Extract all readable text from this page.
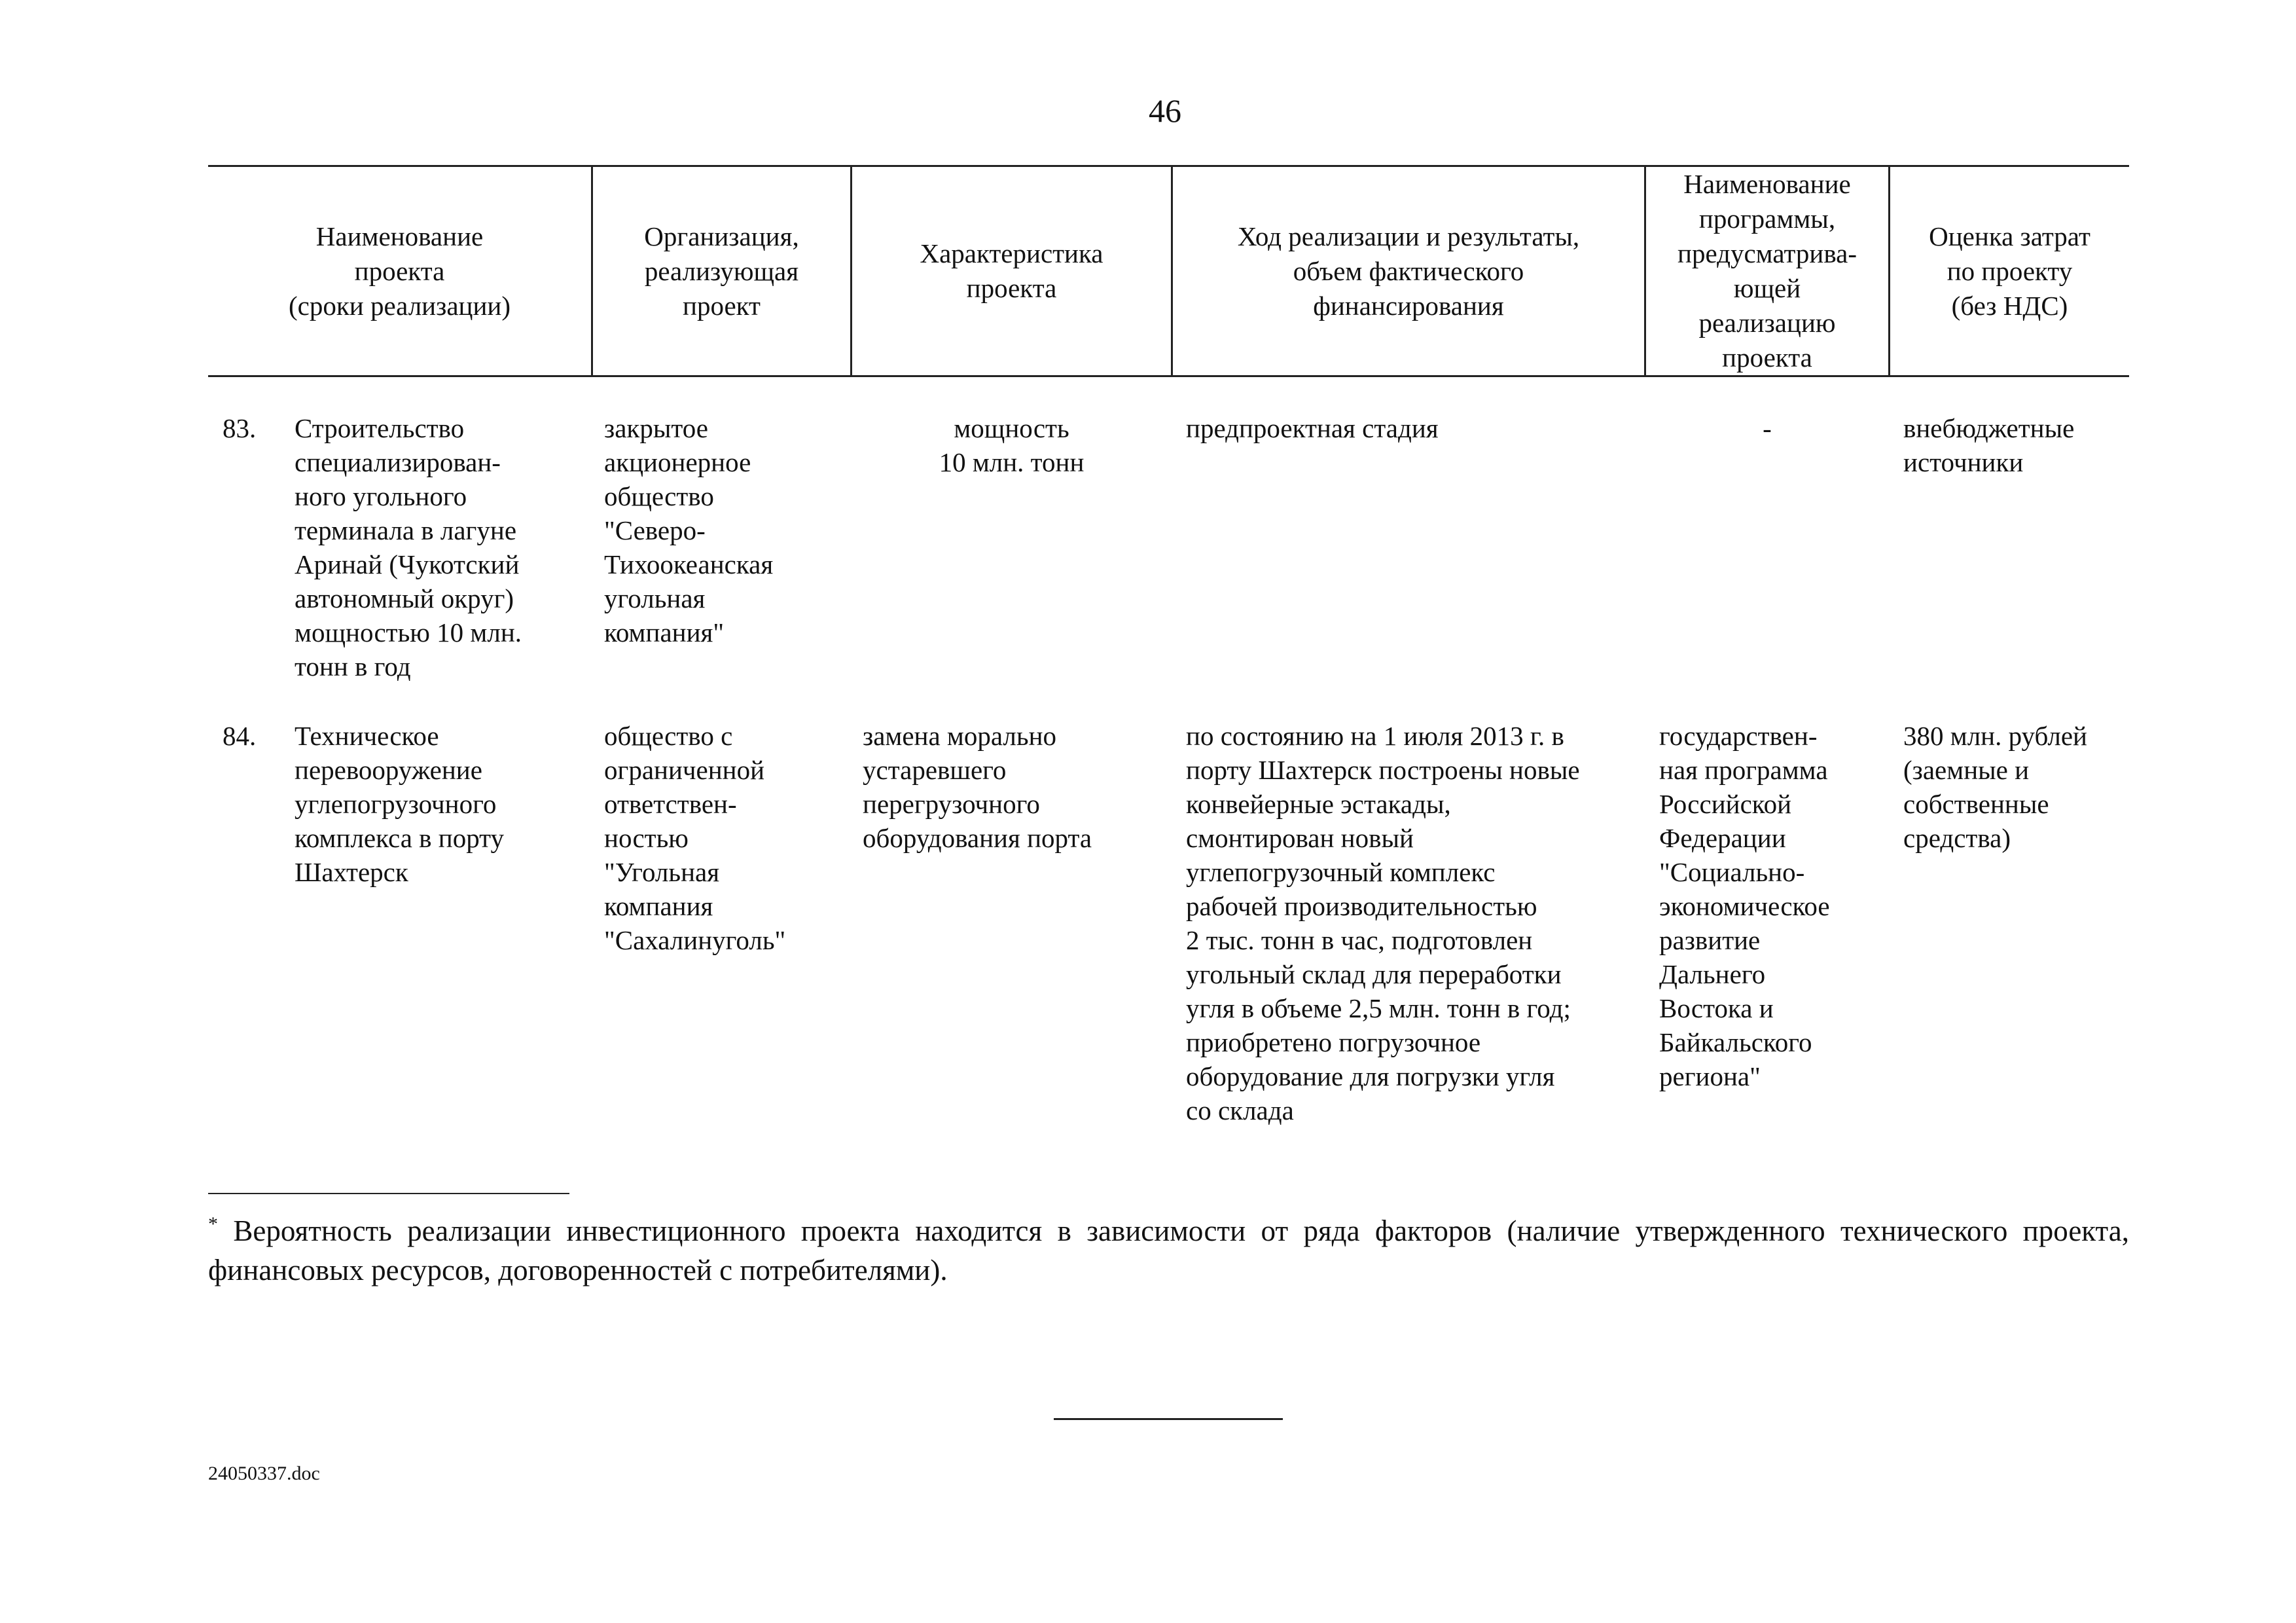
46
Наименование
проекта
(сроки реализации)
Организация,
реализующая
проект
Характеристика
проекта
Ход реализации и результаты,
объем фактического
финансирования
Наименование
программы,
предусматрива-
ющей
реализацию
проекта
Оценка затрат
по проекту
(без НДС)
83. Строительство
специализирован-
ного угольного
терминала в лагуне
Аринай (Чукотский
автономный округ)
мощностью 10 млн.
тонн в год
закрытое
акционерное
общество
"Северо-
Тихоокеанская
угольная
компания"
мощность
10 млн. тонн
предпроектная стадия	-	внебюджетные
источники
84. Техническое
перевооружение
углепогрузочного
комплекса в порту
Шахтерск
общество с
ограниченной
ответствен-
ностью
"Угольная
компания
"Сахалинуголь"
замена морально
устаревшего
перегрузочного
оборудования порта
по состоянию на 1 июля 2013 г. в
порту Шахтерск построены новые
конвейерные эстакады,
смонтирован новый
углепогрузочный комплекс
рабочей производительностью
2 тыс. тонн в час, подготовлен
угольный склад для переработки
угля в объеме 2,5 млн. тонн в год;
приобретено погрузочное
оборудование для погрузки угля
со склада
государствен-
ная программа
Российской
Федерации
"Социально-
экономическое
развитие
Дальнего
Востока и
Байкальского
региона"
380 млн. рублей
(заемные и
собственные
средства)
* Вероятность реализации инвестиционного проекта находится в зависимости от ряда факторов (наличие утвержденного технического проекта, финансовых ресурсов, договоренностей с потребителями).
24050337.doc
